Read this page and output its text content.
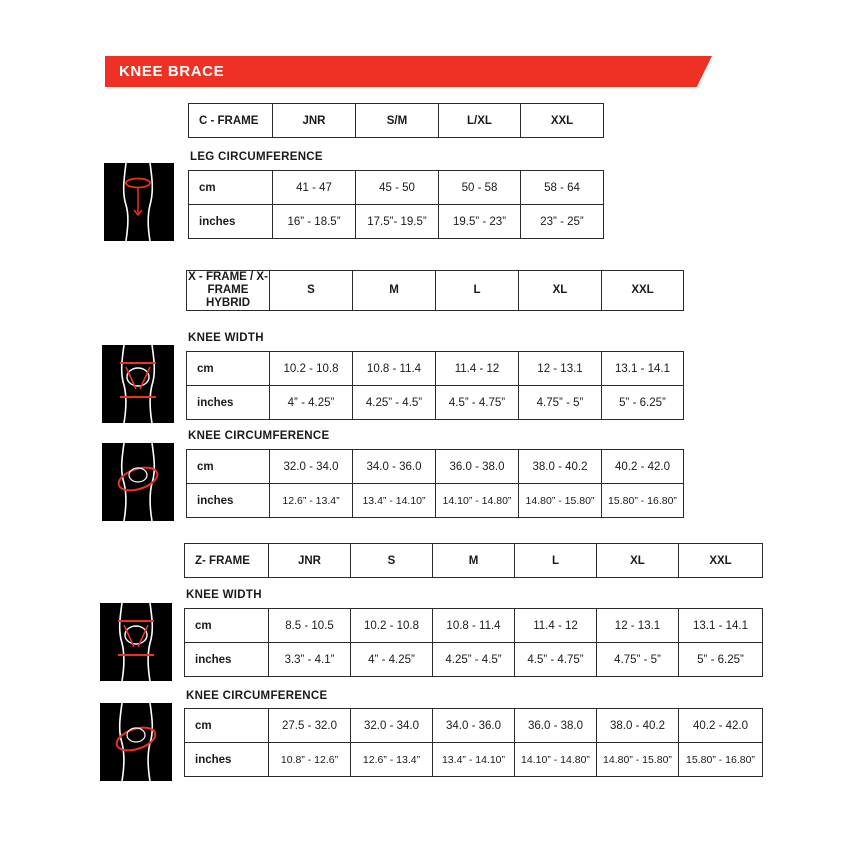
KNEE BRACE
C - FRAME	JNR	S/M	L/XL	XXL
LEG CIRCUMFERENCE
cm	41 - 47	45 - 50	50 - 58	58 - 64
inches	16” - 18.5”	17.5”- 19.5”	19.5” - 23”	23” - 25”
X - FRAME / X-FRAME HYBRID	S	M	L	XL	XXL
KNEE WIDTH
cm	10.2 - 10.8	10.8 - 11.4	11.4 - 12	12 - 13.1	13.1 - 14.1
inches	4” - 4.25”	4.25” - 4.5”	4.5” - 4.75”	4.75” - 5”	5” - 6.25”
KNEE CIRCUMFERENCE
cm	32.0 - 34.0	34.0 - 36.0	36.0 - 38.0	38.0 - 40.2	40.2 - 42.0
inches	12.6” - 13.4”	13.4” - 14.10”	14.10” - 14.80”	14.80” - 15.80”	15.80” - 16.80”
Z- FRAME	JNR	S	M	L	XL	XXL
KNEE WIDTH
cm	8.5 - 10.5	10.2 - 10.8	10.8 - 11.4	11.4 - 12	12 - 13.1	13.1 - 14.1
inches	3.3” - 4.1”	4” - 4.25”	4.25” - 4.5”	4.5” - 4.75”	4.75” - 5”	5” - 6.25”
KNEE CIRCUMFERENCE
cm	27.5 - 32.0	32.0 - 34.0	34.0 - 36.0	36.0 - 38.0	38.0 - 40.2	40.2 - 42.0
inches	10.8” - 12.6”	12.6” - 13.4”	13.4” - 14.10”	14.10” - 14.80”	14.80” - 15.80”	15.80” - 16.80”
